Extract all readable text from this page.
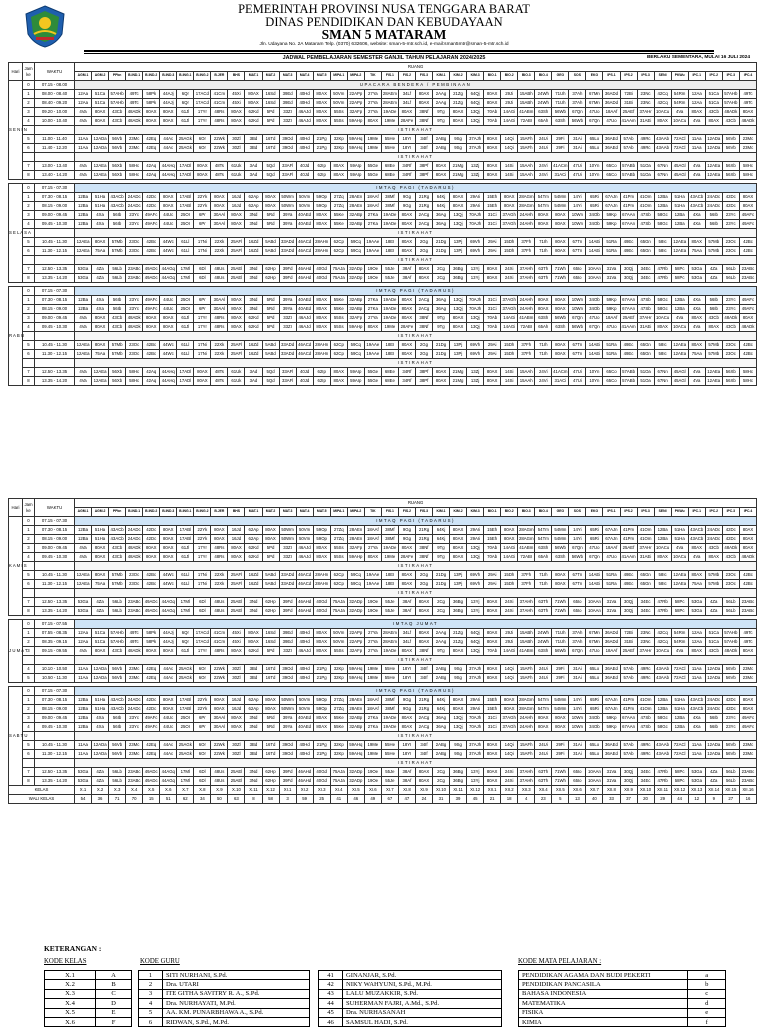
PEMERINTAH PROVINSI NUSA TENGGARA BARAT
DINAS PENDIDIKAN DAN KEBUDAYAAN
SMAN 5 MATARAM
Jln. Udayana No. 2A Mataram Telp. (0370) 632606, website: sman-5-mtr.sch.id, e-mail:sman5mtr@sman-5-mtr.sch.id
JADWAL PEMBELAJARAN SEMESTER GANJIL TAHUN PELAJARAN 2024/2025	BERLAKU SEMENTARA, MULAI 16 JULI 2024
Hari	Jam ke	WAKTU	RUANG																																							
			AGM.1	AGM.2	PPkn	B.IND.1	B.IND.2	B.IND.3	B.ING.1	B.ING.2	B.JER	BHS	MAT.1	MAT.2	MAT.3	MAT.4	MAT.5	MIPA.1	MIPA.2	TIK	FIS.1	FIS.2	FIS.3	KIM.1	KIM.2	KIM.3	BIO.1	BIO.2	BIO.3	BIO.4	GEO	SOS	EKO	IPS.1	IPS.2	IPS.3	SENI	PKWu	IPC.1	IPC.2	IPC.3	IPC.4
S E N I N	0	07.15 - 08.00	UPACARA BENDERA / PEMBINAAN																																							
	1	08.00 - 08.40	12Aa	51Ca	57AHb	49Tc	58Pk	44AJj	6Qr	17ACd	41Cm	45Xi	80AX	16Sd	39Ed	40Hd	80AX	50Vm	22APp	27Ya	28AEm	34Lf	80AX	2AAg	21Zg	64Qj	80AX	29Ji	15ABh	24Wh	71Uh	37Ah	67Mn	36ADd	72Bi	23Nc	42Cq	54Rm	12Aa	51Ca	57AHb	49Tc
	2	08.40 - 09.20	12Aa	51Ca	57AHb	49Tc	58Pk	44AJj	6Qr	17ACd	41Cm	45Xi	80AX	16Sd	39Ed	40Hd	80AX	50Vm	22APp	27Ya	28AEm	34Lf	80AX	2AAg	21Zg	64Qj	80AX	29Ji	15ABh	24Wh	71Uh	37Ah	67Mn	36ADd	31Bi	23Nc	42Cq	54Rm	12Aa	51Ca	57AHb	49Tc
	3	09.20 - 10.00	4Va	80AX	43Cb	48ADk	80AX	80AX	61Jl	17Yr	48Rs	80AX	62Kd	5Pd	33ZI	46AJd	80AX	55Ss	32AFp	27Ya	19ADe	80AX	38Nf	9Tg	80AX	13Qj	70Ab	14AGi	41ABm	63Sh	56Wb	67Qn	47Uo	18AAf	25AEf	37AHr	10ACu	4Va	80AX	43Cb	48ADk	80AX
	4	10.00 - 10.40	4Va	80AX	43Cb	48ADk	80AX	80AX	61Jl	17Yr	48Rs	80AX	62Kd	5Pd	33ZI	46AJd	80AX	55Ss	59AHp	80AX	19Me	28AFe	38Nf	9Tg	80AX	13Qj	70Ab	14AGi	72ABI	65Ah	63Sh	56Wb	67Qn	47Uo	41AAm	31AEi	80AX	10ACu	4Va	80AX	43Cb	48ADk
			ISTIRAHAT																																							
	5	11.00 - 11.40	11Aa	12ADa	56Vb	23Mc	42Eq	44Ac	25AGk	6Or	22Wk	30Zl	3Bd	16Td	39Od	40Hd	21Pg	32Kp	59AHq	19Me	55He	18YI	34If	2ABg	9Sg	37AJh	80AX	14Qi	15AFh	24Ui	29Fi	31Ai	65Lo	36AEd	57Ab	49Rc	43AAb	72ACl	11Aa	12ADa	56Vb	23Mc
	6	11.40 - 12.20	11Aa	12ADa	56Vb	23Mc	42Eq	44Ac	25AGk	6Or	22Wk	30Zl	3Bd	16Td	39Od	40Hd	21Pg	32Kp	59AHq	19Me	55He	18YI	34If	2ABg	9Sg	37AJh	80AX	14Qi	15AFh	24Ui	29Fi	31Ai	65Lo	36AEd	57Ab	49Rc	43AAb	72ACl	11Aa	12ADa	56Vb	23Mc
			ISTIRAHAT																																							
	7	13.00 - 13.40	4Va	12AEa	56Xb	58Hc	42Aq	44AHq	17ADl	80AX	48Ts	61Uk	3Ad	5Qd	33AFl	40Jd	62Ip	80AX	59AIp	55Ge	68Ee	34Rf	38Pf	80AX	21Mg	13Zj	80AX	14Si	15AAh	24Vi	41ACm	47Ui	10Yn	65Co	57ABb	51Oa	67Nn	45AGl	4Va	12AEa	56Xb	58Hc
	8	13.40 - 14.20	4Va	12AEa	56Xb	58Hc	42Aq	44AHq	17ADl	80AX	48Ts	61Uk	3Ad	5Qd	33AFl	40Jd	62Ip	80AX	59AIp	55Ge	68Ee	34Rf	38Pf	80AX	21Mg	13Zj	80AX	14Si	15AAh	24Vi	31ACi	47Ui	10Yn	65Co	57ABb	51Oa	67Nn	45AGl	4Va	12AEa	56Xb	58Hc

S E L A S A	0	07.15 - 07.30	IMTAQ PAGI (TADARUS)																																							
	1	07.30 - 08.15	12Ba	51Ha	43ACb	24ADc	42Dc	80AX	17ABl	22Yk	80AX	16Jd	62Ap	80AX	50Wm	50Vm	59Op	27Zq	28AEn	18AAf	38Mf	9Gg	21Rg	64Kj	80AX	29AIi	15Eh	80AX	28AGm	54Tm	54Mm	14Yi	65Ri	67AJn	41Pm	41Om	12Ba	51Ha	43ACb	24ADc	42Dc	80AX
	2	08.15 - 09.00	12Ba	51Ha	43ACb	24ADc	42Dc	80AX	17ABl	22Yk	80AX	16Jd	62Ap	80AX	50Wm	50Vm	59Op	27Zq	28AEn	18AAf	38Mf	9Gg	21Rg	64Kj	80AX	29AIi	15Eh	80AX	28AGm	54Tm	54Mm	14Yi	65Ri	67AJn	41Pm	41Om	12Ba	51Ha	43ACb	24ADc	42Dc	80AX
	3	09.00 - 09.45	12Ba	4Xa	56Ib	23Yc	49AFc	44Uc	25OI	6Pr	30AAl	80AX	3Nd	5Rd	39Ya	40AEd	80AX	55Ke	32ABp	27Ka	19ADe	80AX	2ACg	36Ag	13Qj	70AJh	31Ci	37AGh	24AHh	80AX	80AX	10Wn	34Ob	59Kp	67AAn	47Sb	58Gc	12Ba	4Xa	56Ib	23Yc	49AFc
	4	09.45 - 10.30	12Ba	4Xa	56Ib	23Yc	49AFc	44Uc	25OI	6Pr	30AAl	80AX	3Nd	5Rd	39Ya	40AEd	80AX	55Ke	32ABp	27Ka	19ADe	80AX	2ACg	36Ag	13Qj	70AJh	31Ci	37AGh	24AHh	80AX	80AX	10Wn	34Ob	59Kp	67AAn	47Sb	58Gc	12Ba	4Xa	56Ib	23Yc	49AFc
			ISTIRAHAT																																							
	5	10.45 - 11.30	12AEa	80AX	57Mb	23Oc	42Bc	44Wc	61Ll	17Ni	22Xk	25AFl	16Zd	5ABd	33ADd	46ACd	28AHn	62Cp	59Cq	19AAe	18EI	80AX	2Gg	21Dg	13Pj	69Vh	29Ai	15Dh	37Fh	71Ih	80AX	67Tn	14AEi	51Ra	49Ec	65Gn	58Ic	12AEa	80AX	57Mb	23Oc	42Bc
	6	11.30 - 12.15	12AEa	75Aa	57Mb	23Oc	42Bc	44Wc	61Ll	17Ni	22Xk	25AFl	16Zd	5ABd	33ADd	46ACd	28AHn	62Cp	59Cq	19AAe	18EI	80AX	2Gg	21Dg	13Pj	69Vh	29Ai	15Dh	37Fh	71Ih	80AX	67Tn	14AEi	51Ra	49Ec	65Gn	58Ic	12AEa	75Aa	57Mb	23Oc	42Bc
			ISTIRAHAT																																							
	7	12.50 - 13.35	53Ga	4Za	56Lb	23ABc	49ADc	44AGq	17Ml	6Dl	48Us	25AEl	3Nd	62Hp	39Fd	46AHd	40Gd	75AJa	32ADp	19Oe	55Je	38Af	80AX	2Cg	36Bg	13Yj	80AX	24Xi	37AHh	63Th	71Wh	65Io	10AAn	31Va	30Qj	34Ec	47Rb	58Pc	53Ga	4Za	56Lb	23ABc
	8	13.35 - 14.20	53Ga	4Za	56Lb	23ABc	49ADc	44AGq	17Ml	6Dl	48Us	25AEl	3Nd	62Hp	39Fd	46AHd	40Gd	75AJa	32ADp	19Oe	55Je	38Af	80AX	2Cg	36Bg	13Yj	80AX	24Xi	37AHh	63Th	71Wh	65Io	10AAn	31Va	30Qj	34Ec	47Rb	58Pc	53Ga	4Za	56Lb	23ABc

R A B U	0	07.15 - 07.30	IMTAQ PAGI (TADARUS)																																							
	1	07.30 - 08.15	12Ba	4Xa	56Ib	23Yc	49AFc	44Uc	25OI	6Pr	30AAl	80AX	3Nd	5Rd	39Ya	40AEd	80AX	55Ke	32ABp	27Ka	19ADe	80AX	2ACg	36Ag	13Qj	70AJh	31Ci	37AGh	24AHh	80AX	80AX	10Wn	34Ob	59Kp	67AAn	47Sb	58Gc	12Ba	4Xa	56Ib	23Yc	49AFc
	2	08.15 - 09.00	12Ba	4Xa	56Ib	23Yc	49AFc	44Uc	25OI	6Pr	30AAl	80AX	3Nd	5Rd	39Ya	40AEd	80AX	55Ke	32ABp	27Ka	19ADe	80AX	2ACg	36Ag	13Qj	70AJh	31Ci	37AGh	24AHh	80AX	80AX	10Wn	34Ob	59Kp	67AAn	47Sb	58Gc	12Ba	4Xa	56Ib	23Yc	49AFc
	3	09.00 - 09.45	4Va	80AX	43Cb	48ADk	80AX	80AX	61Jl	17Yr	48Rs	80AX	62Kd	5Pd	33ZI	46AJd	80AX	55Ss	32AFp	27Ya	19ADe	80AX	38Nf	9Tg	80AX	13Qj	70Ab	14AGi	41ABm	63Sh	56Wb	67Qn	47Uo	18AAf	25AEf	37AHr	10ACu	4Va	80AX	43Cb	48ADk	80AX
	4	09.45 - 10.30	4Va	80AX	43Cb	48ADk	80AX	80AX	61Jl	17Yr	48Rs	80AX	62Kd	5Pd	33ZI	46AJd	80AX	55Ss	59AHp	80AX	19Me	28AFe	38Nf	9Tg	80AX	13Qj	70Ab	14AGi	72ABI	65Ah	63Sh	56Wb	67Qn	47Uo	41AAm	31AEi	80AX	10ACu	4Va	80AX	43Cb	48ADk
			ISTIRAHAT																																							
	5	10.45 - 11.30	12AEa	80AX	57Mb	23Oc	42Bc	44Wc	61Ll	17Ni	22Xk	25AFl	16Zd	5ABd	33ADd	46ACd	28AHn	62Cp	59Cq	19AAe	18EI	80AX	2Gg	21Dg	13Pj	69Vh	29Ai	15Dh	37Fh	71Ih	80AX	67Tn	14AEi	51Ra	49Ec	65Gn	58Ic	12AEa	80AX	57Mb	23Oc	42Bc
	6	11.30 - 12.15	12AEa	75Aa	57Mb	23Oc	42Bc	44Wc	61Ll	17Ni	22Xk	25AFl	16Zd	5ABd	33ADd	46ACd	28AHn	62Cp	59Cq	19AAe	18EI	80AX	2Gg	21Dg	13Pj	69Vh	29Ai	15Dh	37Fh	71Ih	80AX	67Tn	14AEi	51Ra	49Ec	65Gn	58Ic	12AEa	75Aa	57Mb	23Oc	42Bc
			ISTIRAHAT																																							
	7	12.50 - 13.35	4Va	12AEa	56Xb	58Hc	42Aq	44AHq	17ADl	80AX	48Ts	61Uk	3Ad	5Qd	33AFl	40Jd	62Ip	80AX	59AIp	55Ge	68Ee	34Rf	38Pf	80AX	21Mg	13Zj	80AX	14Si	15AAh	24Vi	41ACm	47Ui	10Yn	65Co	57ABb	51Oa	67Nn	45AGl	4Va	12AEa	56Xb	58Hc
	8	13.35 - 14.20	4Va	12AEa	56Xb	58Hc	42Aq	44AHq	17ADl	80AX	48Ts	61Uk	3Ad	5Qd	33AFl	40Jd	62Ip	80AX	59AIp	55Ge	68Ee	34Rf	38Pf	80AX	21Mg	13Zj	80AX	14Si	15AAh	24Vi	31ACi	47Ui	10Yn	65Co	57ABb	51Oa	67Nn	45AGl	4Va	12AEa	56Xb	58Hc
Hari	Jam ke	WAKTU	RUANG																																							
			AGM.1	AGM.2	PPkn	B.IND.1	B.IND.2	B.IND.3	B.ING.1	B.ING.2	B.JER	BHS	MAT.1	MAT.2	MAT.3	MAT.4	MAT.5	MIPA.1	MIPA.2	TIK	FIS.1	FIS.2	FIS.3	KIM.1	KIM.2	KIM.3	BIO.1	BIO.2	BIO.3	BIO.4	GEO	SOS	EKO	IPS.1	IPS.2	IPS.3	SENI	PKWu	IPC.1	IPC.2	IPC.3	IPC.4
K A M I S	0	07.15 - 07.30	IMTAQ PAGI (TADARUS)																																							
	1	07.30 - 08.15	12Ba	51Ha	43ACb	24ADc	42Dc	80AX	17ABl	22Yk	80AX	16Jd	62Ap	80AX	50Wm	50Vm	59Op	27Zq	28AEn	18AAf	38Mf	9Gg	21Rg	64Kj	80AX	29AIi	15Eh	80AX	28AGm	54Tm	54Mm	14Yi	65Ri	67AJn	41Pm	41Om	12Ba	51Ha	43ACb	24ADc	42Dc	80AX
	2	08.15 - 09.00	12Ba	51Ha	43ACb	24ADc	42Dc	80AX	17ABl	22Yk	80AX	16Jd	62Ap	80AX	50Wm	50Vm	59Op	27Zq	28AEn	18AAf	38Mf	9Gg	21Rg	64Kj	80AX	29AIi	15Eh	80AX	28AGm	54Tm	54Mm	14Yi	65Ri	67AJn	41Pm	41Om	12Ba	51Ha	43ACb	24ADc	42Dc	80AX
	3	09.00 - 09.45	4Va	80AX	43Cb	48ADk	80AX	80AX	61Jl	17Yr	48Rs	80AX	62Kd	5Pd	33ZI	46AJd	80AX	55Ss	32AFp	27Ya	19ADe	80AX	38Nf	9Tg	80AX	13Qj	70Ab	14AGi	41ABm	63Sh	56Wb	67Qn	47Uo	18AAf	25AEf	37AHr	10ACu	4Va	80AX	43Cb	48ADk	80AX
	4	09.45 - 10.30	4Va	80AX	43Cb	48ADk	80AX	80AX	61Jl	17Yr	48Rs	80AX	62Kd	5Pd	33ZI	46AJd	80AX	55Ss	59AHp	80AX	19Me	28AFe	38Nf	9Tg	80AX	13Qj	70Ab	14AGi	72ABI	65Ah	63Sh	56Wb	67Qn	47Uo	41AAm	31AEi	80AX	10ACu	4Va	80AX	43Cb	48ADk
			ISTIRAHAT																																							
	5	10.45 - 11.30	12AEa	80AX	57Mb	23Oc	42Bc	44Wc	61Ll	17Ni	22Xk	25AFl	16Zd	5ABd	33ADd	46ACd	28AHn	62Cp	59Cq	19AAe	18EI	80AX	2Gg	21Dg	13Pj	69Vh	29Ai	15Dh	37Fh	71Ih	80AX	67Tn	14AEi	51Ra	49Ec	65Gn	58Ic	12AEa	80AX	57Mb	23Oc	42Bc
	6	11.30 - 12.15	12AEa	75Aa	57Mb	23Oc	42Bc	44Wc	61Ll	17Ni	22Xk	25AFl	16Zd	5ABd	33ADd	46ACd	28AHn	62Cp	59Cq	19AAe	18EI	80AX	2Gg	21Dg	13Pj	69Vh	29Ai	15Dh	37Fh	71Ih	80AX	67Tn	14AEi	51Ra	49Ec	65Gn	58Ic	12AEa	75Aa	57Mb	23Oc	42Bc
			ISTIRAHAT																																							
	7	12.50 - 13.35	53Ga	4Za	56Lb	23ABc	49ADc	44AGq	17Ml	6Dl	48Us	25AEl	3Nd	62Hp	39Fd	46AHd	40Gd	75AJa	32ADp	19Oe	55Je	38Af	80AX	2Cg	36Bg	13Yj	80AX	24Xi	37AHh	63Th	71Wh	65Io	10AAn	31Va	30Qj	34Ec	47Rb	58Pc	53Ga	4Za	56Lb	23ABc
	8	13.35 - 14.20	53Ga	4Za	56Lb	23ABc	49ADc	44AGq	17Ml	6Dl	48Us	25AEl	3Nd	62Hp	39Fd	46AHd	40Gd	75AJa	32ADp	19Oe	55Je	38Af	80AX	2Cg	36Bg	13Yj	80AX	24Xi	37AHh	63Th	71Wh	65Io	10AAn	31Va	30Qj	34Ec	47Rb	58Pc	53Ga	4Za	56Lb	23ABc

J U M A T	0	07.15 - 07.55	IMTAQ JUMAT																																							
	1	07.55 - 08.35	12Aa	51Ca	57AHb	49Tc	58Pk	44AJj	6Qr	17ACd	41Cm	45Xi	80AX	16Sd	39Ed	40Hd	80AX	50Vm	22APp	27Ya	28AEm	34Lf	80AX	2AAg	21Zg	64Qj	80AX	29Ji	15ABh	24Wh	71Uh	37Ah	67Mn	36ADd	72Bi	23Nc	42Cq	54Rm	12Aa	51Ca	57AHb	49Tc
	2	08.35 - 09.15	12Aa	51Ca	57AHb	49Tc	58Pk	44AJj	6Qr	17ACd	41Cm	45Xi	80AX	16Sd	39Ed	40Hd	80AX	50Vm	22APp	27Ya	28AEm	34Lf	80AX	2AAg	21Zg	64Qj	80AX	29Ji	15ABh	24Wh	71Uh	37Ah	67Mn	36ADd	31Bi	23Nc	42Cq	54Rm	12Aa	51Ca	57AHb	49Tc
	3	09.15 - 09.55	4Va	80AX	43Cb	48ADk	80AX	80AX	61Jl	17Yr	48Rs	80AX	62Kd	5Pd	33ZI	46AJd	80AX	55Ss	32AFp	27Ya	19ADe	80AX	38Nf	9Tg	80AX	13Qj	70Ab	14AGi	41ABm	63Sh	56Wb	67Qn	47Uo	18AAf	25AEf	37AHr	10ACu	4Va	80AX	43Cb	48ADk	80AX
			ISTIRAHAT																																							
	4	10.10 - 10.50	11Aa	12ADa	56Vb	23Mc	42Eq	44Ac	25AGk	6Or	22Wk	30Zl	3Bd	16Td	39Od	40Hd	21Pg	32Kp	59AHq	19Me	55He	18YI	34If	2ABg	9Sg	37AJh	80AX	14Qi	15AFh	24Ui	29Fi	31Ai	65Lo	36AEd	57Ab	49Rc	43AAb	72ACl	11Aa	12ADa	56Vb	23Mc
	5	10.50 - 11.30	11Aa	12ADa	56Vb	23Mc	42Eq	44Ac	25AGk	6Or	22Wk	30Zl	3Bd	16Td	39Od	40Hd	21Pg	32Kp	59AHq	19Me	55He	18YI	34If	2ABg	9Sg	37AJh	80AX	14Qi	15AFh	24Ui	29Fi	31Ai	65Lo	36AEd	57Ab	49Rc	43AAb	72ACl	11Aa	12ADa	56Vb	23Mc

S A B T U	0	07.15 - 07.30	IMTAQ PAGI (TADARUS)																																							
	1	07.30 - 08.15	12Ba	51Ha	43ACb	24ADc	42Dc	80AX	17ABl	22Yk	80AX	16Jd	62Ap	80AX	50Wm	50Vm	59Op	27Zq	28AEn	18AAf	38Mf	9Gg	21Rg	64Kj	80AX	29AIi	15Eh	80AX	28AGm	54Tm	54Mm	14Yi	65Ri	67AJn	41Pm	41Om	12Ba	51Ha	43ACb	24ADc	42Dc	80AX
	2	08.15 - 09.00	12Ba	51Ha	43ACb	24ADc	42Dc	80AX	17ABl	22Yk	80AX	16Jd	62Ap	80AX	50Wm	50Vm	59Op	27Zq	28AEn	18AAf	38Mf	9Gg	21Rg	64Kj	80AX	29AIi	15Eh	80AX	28AGm	54Tm	54Mm	14Yi	65Ri	67AJn	41Pm	41Om	12Ba	51Ha	43ACb	24ADc	42Dc	80AX
	3	09.00 - 09.45	12Ba	4Xa	56Ib	23Yc	49AFc	44Uc	25OI	6Pr	30AAl	80AX	3Nd	5Rd	39Ya	40AEd	80AX	55Ke	32ABp	27Ka	19ADe	80AX	2ACg	36Ag	13Qj	70AJh	31Ci	37AGh	24AHh	80AX	80AX	10Wn	34Ob	59Kp	67AAn	47Sb	58Gc	12Ba	4Xa	56Ib	23Yc	49AFc
	4	09.45 - 10.30	12Ba	4Xa	56Ib	23Yc	49AFc	44Uc	25OI	6Pr	30AAl	80AX	3Nd	5Rd	39Ya	40AEd	80AX	55Ke	32ABp	27Ka	19ADe	80AX	2ACg	36Ag	13Qj	70AJh	31Ci	37AGh	24AHh	80AX	80AX	10Wn	34Ob	59Kp	67AAn	47Sb	58Gc	12Ba	4Xa	56Ib	23Yc	49AFc
			ISTIRAHAT																																							
	5	10.45 - 11.30	11Aa	12ADa	56Vb	23Mc	42Eq	44Ac	25AGk	6Or	22Wk	30Zl	3Bd	16Td	39Od	40Hd	21Pg	32Kp	59AHq	19Me	55He	18YI	34If	2ABg	9Sg	37AJh	80AX	14Qi	15AFh	24Ui	29Fi	31Ai	65Lo	36AEd	57Ab	49Rc	43AAb	72ACl	11Aa	12ADa	56Vb	23Mc
	6	11.30 - 12.15	11Aa	12ADa	56Vb	23Mc	42Eq	44Ac	25AGk	6Or	22Wk	30Zl	3Bd	16Td	39Od	40Hd	21Pg	32Kp	59AHq	19Me	55He	18YI	34If	2ABg	9Sg	37AJh	80AX	14Qi	15AFh	24Ui	29Fi	31Ai	65Lo	36AEd	57Ab	49Rc	43AAb	72ACl	11Aa	12ADa	56Vb	23Mc
			ISTIRAHAT																																							
	7	12.50 - 13.35	53Ga	4Za	56Lb	23ABc	49ADc	44AGq	17Ml	6Dl	48Us	25AEl	3Nd	62Hp	39Fd	46AHd	40Gd	75AJa	32ADp	19Oe	55Je	38Af	80AX	2Cg	36Bg	13Yj	80AX	24Xi	37AHh	63Th	71Wh	65Io	10AAn	31Va	30Qj	34Ec	47Rb	58Pc	53Ga	4Za	56Lb	23ABc
	8	13.35 - 14.20	53Ga	4Za	56Lb	23ABc	49ADc	44AGq	17Ml	6Dl	48Us	25AEl	3Nd	62Hp	39Fd	46AHd	40Gd	75AJa	32ADp	19Oe	55Je	38Af	80AX	2Cg	36Bg	13Yj	80AX	24Xi	37AHh	63Th	71Wh	65Io	10AAn	31Va	30Qj	34Ec	47Rb	58Pc	53Ga	4Za	56Lb	23ABc
KELAS			X.1	X.2	X.3	X.4	X.5	X.6	X.7	X.8	X.9	X.10	X.11	X.12	XI.1	XI.2	XI.3	XI.4	XI.5	XI.6	XI.7	XI.8	XI.9	XI.10	XI.11	XI.12	XII.1	XII.2	XII.3	XII.4	XII.5	XII.6	XII.7	XII.8	XII.9	XII.10	XII.11	XII.12	XII.13	XII.14	XII.15	XII.16
WALI KELAS			54	36	71	70	15	51	62	34	50	63	8	58	3	59	25	41	46	49	67	47	24	31	39	45	21	18	4	23	5	13	40	33	37	20	29	44	12	9	27	16
KETERANGAN :
KODE KELAS
X.1	A
X.2	B
X.3	C
X.4	D
X.5	E
X.6	F
KODE GURU
1	SITI NURHANI, S.Pd.
2	Dra. UTARI
3	ITE GITHA SAVITRY R. A., S.Pd.
4	Dra. NURHAYATI, M.Pd.
5	AA. KM. PUNARBHAWA A., S.Pd.
6	RIDWAN, S.Pd., M.Pd.
41	GINANJAR, S.Pd.
42	NIKY WAHYUNI, S.Pd., M.Pd.
43	LALU MUZAKKIR, S.Pd.
44	SUHERMAN FAJRI, A.Md., S.Pd.
45	Dra. NURHASANAH
46	SAMSUL HADI, S.Pd.
KODE MATA PELAJARAN :
PENDIDIKAN AGAMA DAN BUDI PEKERTI	a
PENDIDIKAN PANCASILA	b
BAHASA INDONESIA	c
MATEMATIKA	d
FISIKA	e
KIMIA	f
